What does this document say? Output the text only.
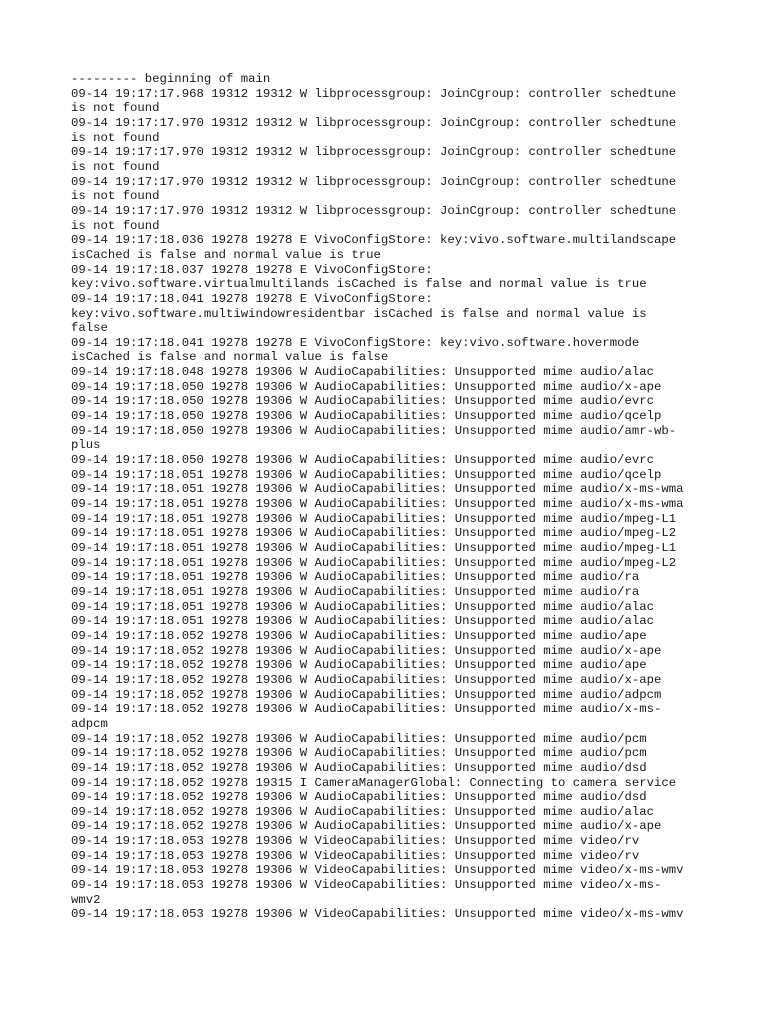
--------- beginning of main
09-14 19:17:17.968 19312 19312 W libprocessgroup: JoinCgroup: controller schedtune
is not found
09-14 19:17:17.970 19312 19312 W libprocessgroup: JoinCgroup: controller schedtune
is not found
09-14 19:17:17.970 19312 19312 W libprocessgroup: JoinCgroup: controller schedtune
is not found
09-14 19:17:17.970 19312 19312 W libprocessgroup: JoinCgroup: controller schedtune
is not found
09-14 19:17:17.970 19312 19312 W libprocessgroup: JoinCgroup: controller schedtune
is not found
09-14 19:17:18.036 19278 19278 E VivoConfigStore: key:vivo.software.multilandscape
isCached is false and normal value is true
09-14 19:17:18.037 19278 19278 E VivoConfigStore:
key:vivo.software.virtualmultilands isCached is false and normal value is true
09-14 19:17:18.041 19278 19278 E VivoConfigStore:
key:vivo.software.multiwindowresidentbar isCached is false and normal value is
false
09-14 19:17:18.041 19278 19278 E VivoConfigStore: key:vivo.software.hovermode
isCached is false and normal value is false
09-14 19:17:18.048 19278 19306 W AudioCapabilities: Unsupported mime audio/alac
09-14 19:17:18.050 19278 19306 W AudioCapabilities: Unsupported mime audio/x-ape
09-14 19:17:18.050 19278 19306 W AudioCapabilities: Unsupported mime audio/evrc
09-14 19:17:18.050 19278 19306 W AudioCapabilities: Unsupported mime audio/qcelp
09-14 19:17:18.050 19278 19306 W AudioCapabilities: Unsupported mime audio/amr-wb-
plus
09-14 19:17:18.050 19278 19306 W AudioCapabilities: Unsupported mime audio/evrc
09-14 19:17:18.051 19278 19306 W AudioCapabilities: Unsupported mime audio/qcelp
09-14 19:17:18.051 19278 19306 W AudioCapabilities: Unsupported mime audio/x-ms-wma
09-14 19:17:18.051 19278 19306 W AudioCapabilities: Unsupported mime audio/x-ms-wma
09-14 19:17:18.051 19278 19306 W AudioCapabilities: Unsupported mime audio/mpeg-L1
09-14 19:17:18.051 19278 19306 W AudioCapabilities: Unsupported mime audio/mpeg-L2
09-14 19:17:18.051 19278 19306 W AudioCapabilities: Unsupported mime audio/mpeg-L1
09-14 19:17:18.051 19278 19306 W AudioCapabilities: Unsupported mime audio/mpeg-L2
09-14 19:17:18.051 19278 19306 W AudioCapabilities: Unsupported mime audio/ra
09-14 19:17:18.051 19278 19306 W AudioCapabilities: Unsupported mime audio/ra
09-14 19:17:18.051 19278 19306 W AudioCapabilities: Unsupported mime audio/alac
09-14 19:17:18.051 19278 19306 W AudioCapabilities: Unsupported mime audio/alac
09-14 19:17:18.052 19278 19306 W AudioCapabilities: Unsupported mime audio/ape
09-14 19:17:18.052 19278 19306 W AudioCapabilities: Unsupported mime audio/x-ape
09-14 19:17:18.052 19278 19306 W AudioCapabilities: Unsupported mime audio/ape
09-14 19:17:18.052 19278 19306 W AudioCapabilities: Unsupported mime audio/x-ape
09-14 19:17:18.052 19278 19306 W AudioCapabilities: Unsupported mime audio/adpcm
09-14 19:17:18.052 19278 19306 W AudioCapabilities: Unsupported mime audio/x-ms-
adpcm
09-14 19:17:18.052 19278 19306 W AudioCapabilities: Unsupported mime audio/pcm
09-14 19:17:18.052 19278 19306 W AudioCapabilities: Unsupported mime audio/pcm
09-14 19:17:18.052 19278 19306 W AudioCapabilities: Unsupported mime audio/dsd
09-14 19:17:18.052 19278 19315 I CameraManagerGlobal: Connecting to camera service
09-14 19:17:18.052 19278 19306 W AudioCapabilities: Unsupported mime audio/dsd
09-14 19:17:18.052 19278 19306 W AudioCapabilities: Unsupported mime audio/alac
09-14 19:17:18.052 19278 19306 W AudioCapabilities: Unsupported mime audio/x-ape
09-14 19:17:18.053 19278 19306 W VideoCapabilities: Unsupported mime video/rv
09-14 19:17:18.053 19278 19306 W VideoCapabilities: Unsupported mime video/rv
09-14 19:17:18.053 19278 19306 W VideoCapabilities: Unsupported mime video/x-ms-wmv
09-14 19:17:18.053 19278 19306 W VideoCapabilities: Unsupported mime video/x-ms-
wmv2
09-14 19:17:18.053 19278 19306 W VideoCapabilities: Unsupported mime video/x-ms-wmv
